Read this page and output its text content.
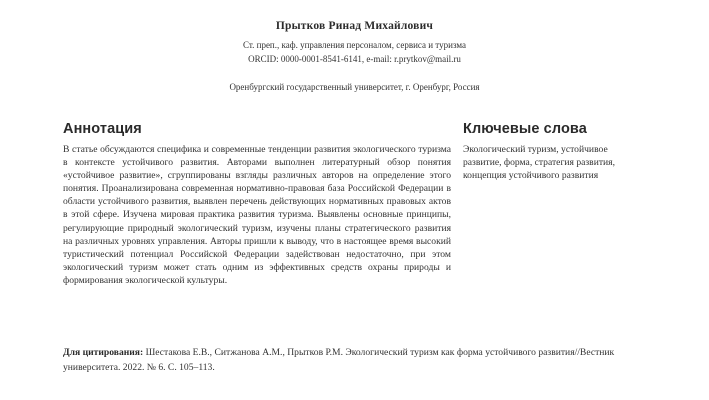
Прытков Ринад Михайлович
Ст. преп., каф. управления персоналом, сервиса и туризма
ORCID: 0000-0001-8541-6141, e-mail: r.prytkov@mail.ru
Оренбургский государственный университет, г. Оренбург, Россия
Аннотация
В статье обсуждаются специфика и современные тенденции развития экологического туризма в контексте устойчивого развития. Авторами выполнен литературный обзор понятия «устойчивое развитие», сгруппированы взгляды различных авторов на определение этого понятия. Проанализирована современная нормативно-правовая база Российской Федерации в области устойчивого развития, выявлен перечень действующих нормативных правовых актов в этой сфере. Изучена мировая практика развития туризма. Выявлены основные принципы, регулирующие природный экологический туризм, изучены планы стратегического развития на различных уровнях управления. Авторы пришли к выводу, что в настоящее время высокий туристический потенциал Российской Федерации задействован недостаточно, при этом экологический туризм может стать одним из эффективных средств охраны природы и формирования экологической культуры.
Ключевые слова
Экологический туризм, устойчивое развитие, форма, стратегия развития, концепция устойчивого развития
Для цитирования: Шестакова Е.В., Ситжанова А.М., Прытков Р.М. Экологический туризм как форма устойчивого развития//Вестник университета. 2022. № 6. С. 105–113.
